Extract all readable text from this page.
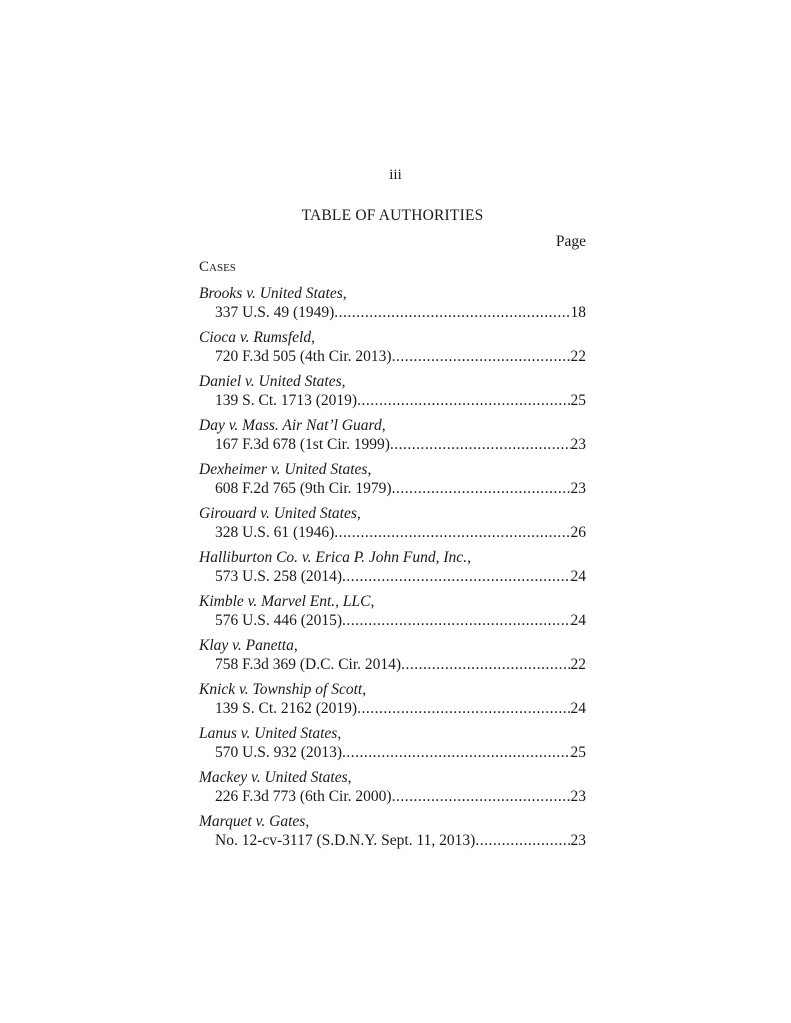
iii
TABLE OF AUTHORITIES
Page
Cases
Brooks v. United States,
337 U.S. 49 (1949) .....	18
Cioca v. Rumsfeld,
720 F.3d 505 (4th Cir. 2013) .....	22
Daniel v. United States,
139 S. Ct. 1713 (2019) .....	25
Day v. Mass. Air Nat’l Guard,
167 F.3d 678 (1st Cir. 1999) .....	23
Dexheimer v. United States,
608 F.2d 765 (9th Cir. 1979) .....	23
Girouard v. United States,
328 U.S. 61 (1946) .....	26
Halliburton Co. v. Erica P. John Fund, Inc.,
573 U.S. 258 (2014) .....	24
Kimble v. Marvel Ent., LLC,
576 U.S. 446 (2015) .....	24
Klay v. Panetta,
758 F.3d 369 (D.C. Cir. 2014) .....	22
Knick v. Township of Scott,
139 S. Ct. 2162 (2019) .....	24
Lanus v. United States,
570 U.S. 932 (2013) .....	25
Mackey v. United States,
226 F.3d 773 (6th Cir. 2000) .....	23
Marquet v. Gates,
No. 12-cv-3117 (S.D.N.Y. Sept. 11, 2013) .....	23
